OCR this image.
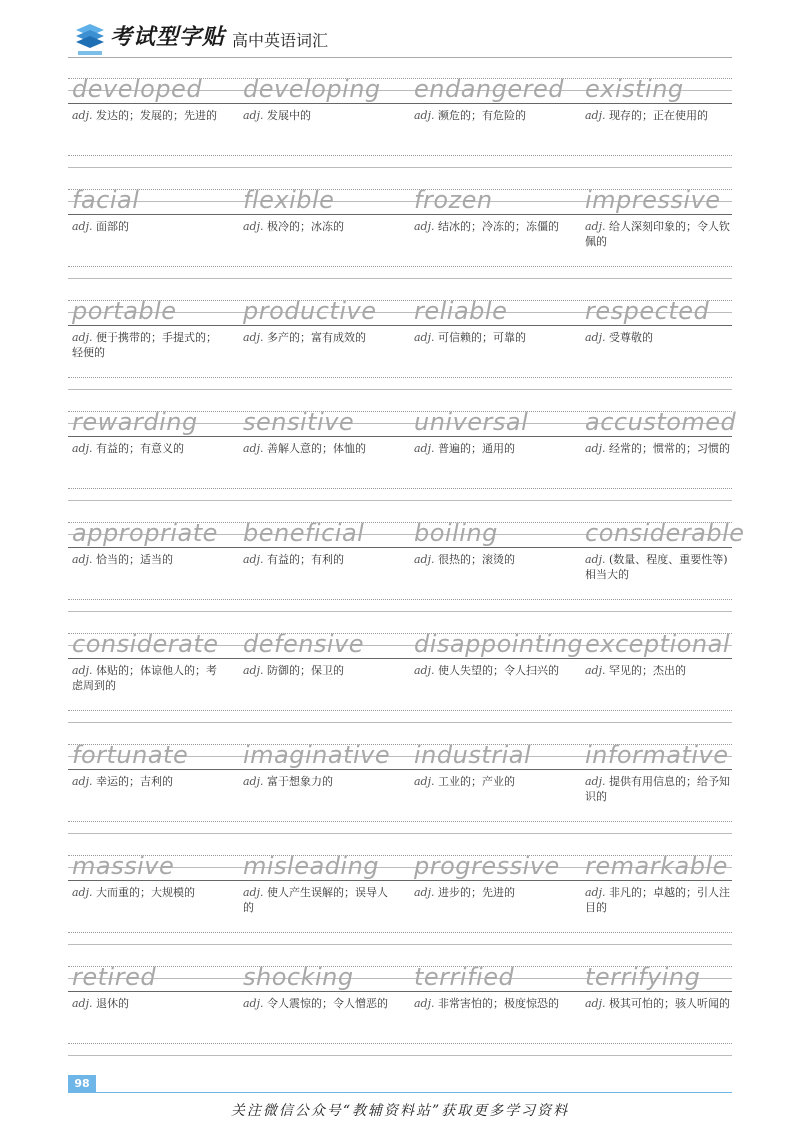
考试型字贴 高中英语词汇
developed
adj. 发达的；发展的；先进的
developing
adj. 发展中的
endangered
adj. 濒危的；有危险的
existing
adj. 现存的；正在使用的
facial
adj. 面部的
flexible
adj. 极冷的；冰冻的
frozen
adj. 结冰的；冷冻的；冻僵的
impressive
adj. 给人深刻印象的；令人钦佩的
portable
adj. 便于携带的；手提式的；轻便的
productive
adj. 多产的；富有成效的
reliable
adj. 可信赖的；可靠的
respected
adj. 受尊敬的
rewarding
adj. 有益的；有意义的
sensitive
adj. 善解人意的；体恤的
universal
adj. 普遍的；通用的
accustomed
adj. 经常的；惯常的；习惯的
appropriate
adj. 恰当的；适当的
beneficial
adj. 有益的；有利的
boiling
adj. 很热的；滚烫的
considerable
adj. (数量、程度、重要性等) 相当大的
considerate
adj. 体贴的；体谅他人的；考虑周到的
defensive
adj. 防御的；保卫的
disappointing
adj. 使人失望的；令人扫兴的
exceptional
adj. 罕见的；杰出的
fortunate
adj. 幸运的；吉利的
imaginative
adj. 富于想象力的
industrial
adj. 工业的；产业的
informative
adj. 提供有用信息的；给予知识的
massive
adj. 大而重的；大规模的
misleading
adj. 使人产生误解的；误导人的
progressive
adj. 进步的；先进的
remarkable
adj. 非凡的；卓越的；引人注目的
retired
adj. 退休的
shocking
adj. 令人震惊的；令人憎恶的
terrified
adj. 非常害怕的；极度惊恐的
terrifying
adj. 极其可怕的；骇人听闻的
98
关注微信公众号“教辅资料站”获取更多学习资料
